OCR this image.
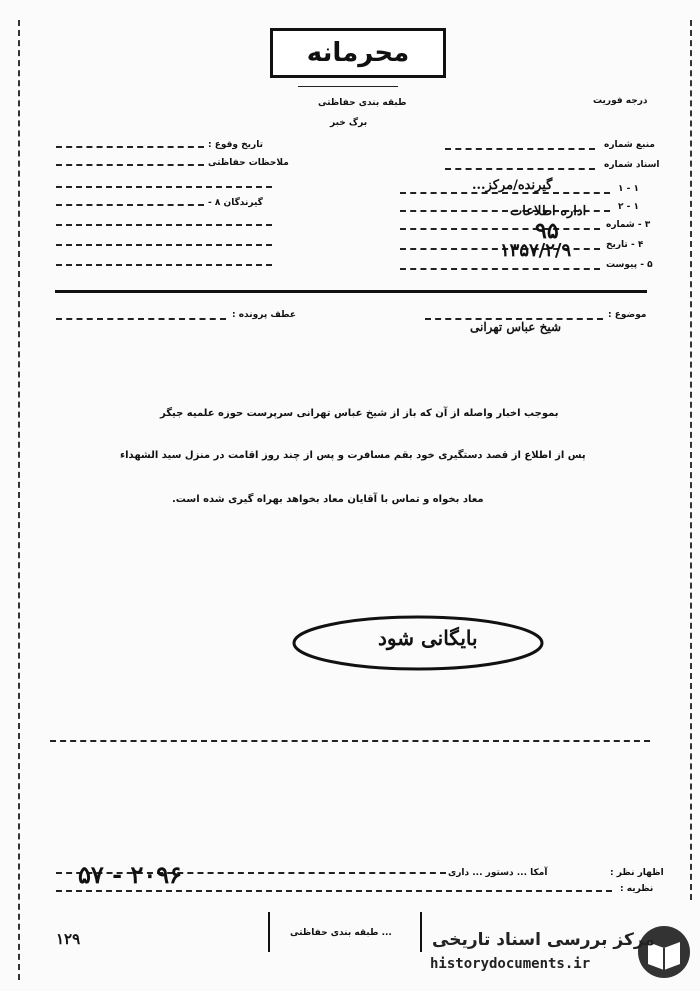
محرمانه
درجه فوریت
طبقه بندی حفاظتی
برگ خبر
تاریخ وقوع :
ملاحظات حفاظتی
گیرندگان ۸ -
منبع شماره
اسناد شماره
۱ - ۱
۲ - ۱
۳ - شماره
۴ - تاریخ
۵ - پیوست
گیرنده/مرکز...
اداره اطلاعات
۹۵
۱۳۵۷/۲/۹
موضوع :
شیخ عباس تهرانی
عطف پرونده :
بموجب اخبار واصله از آن که باز از شیخ عباس تهرانی سرپرست حوزه علمیه جیگر
پس از اطلاع از قصد دستگیری خود بقم مسافرت و پس از چند روز اقامت در منزل سید الشهداء
معاد بخواه و تماس با آقایان معاد بخواهد بهراه گیری شده است.
بایگانی شود
اظهار نظر :
آمکا ... دستور ... داری
نظریه :
۵۷ - ۲۰۹۶
۱۲۹	... طبقه بندی حفاظتی مرکز بررسی اسناد تاریخی
historydocuments.ir
